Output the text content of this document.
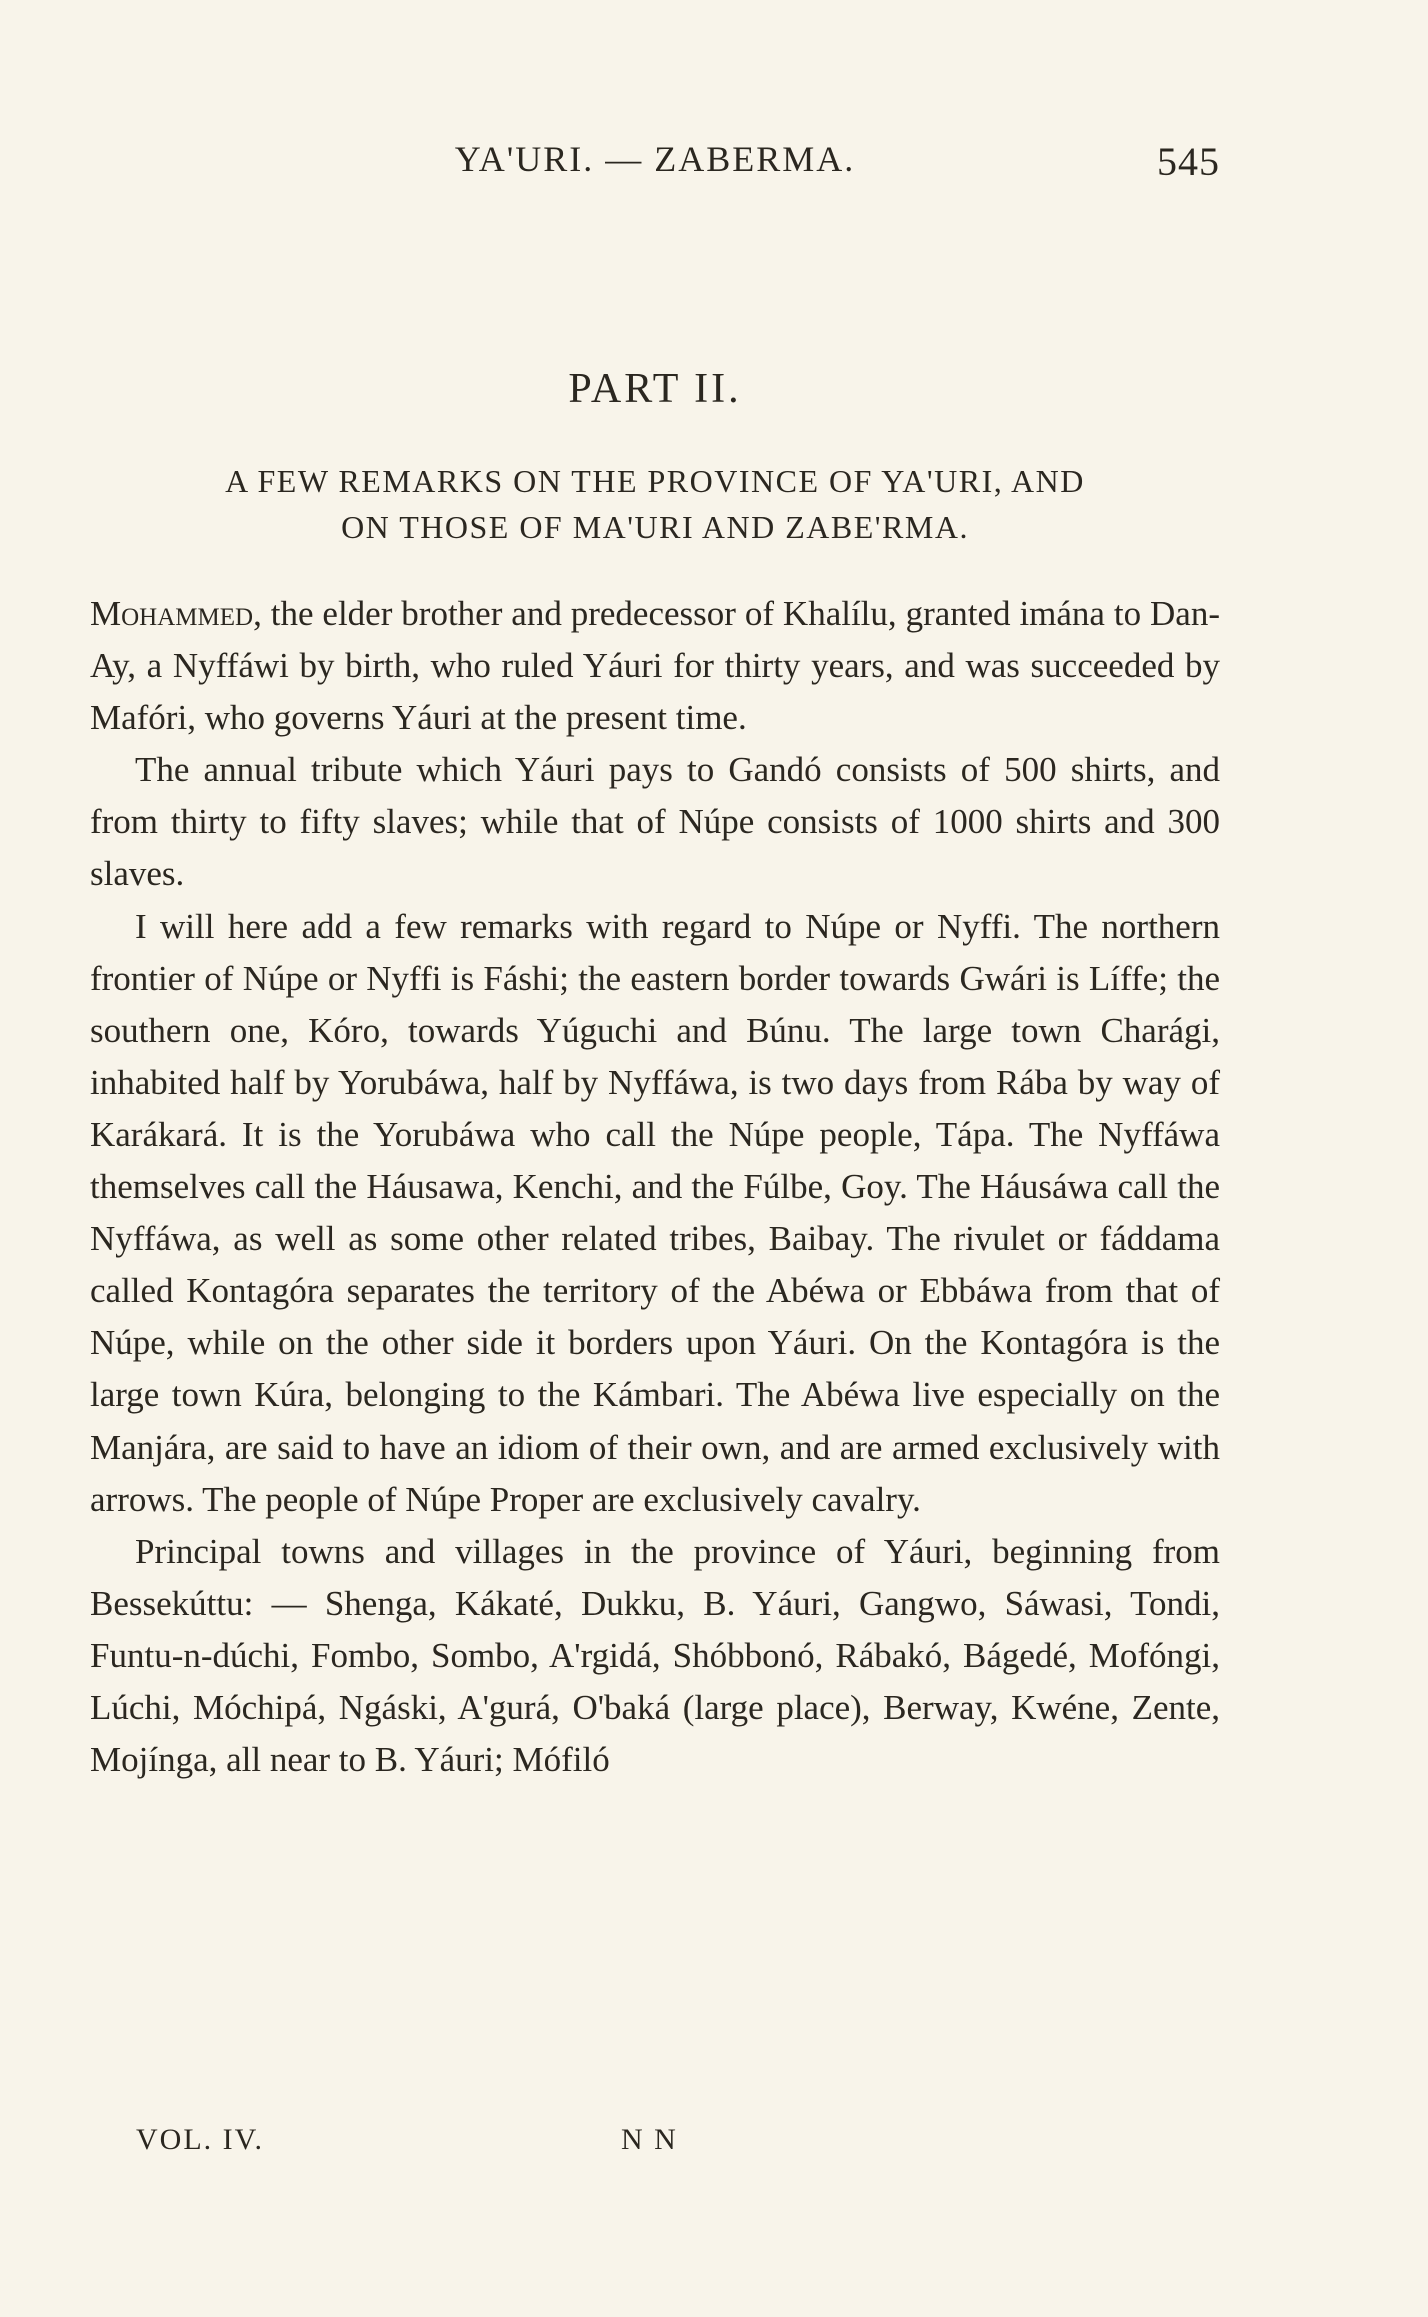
YA'URI. — ZABERMA.	545
PART II.
A FEW REMARKS ON THE PROVINCE OF YA'URI, AND
ON THOSE OF MA'URI AND ZABE'RMA.

Mohammed, the elder brother and predecessor of Khalílu, granted imána to Dan-Ay, a Nyffáwi by birth, who ruled Yáuri for thirty years, and was succeeded by Mafóri, who governs Yáuri at the present time.

The annual tribute which Yáuri pays to Gandó consists of 500 shirts, and from thirty to fifty slaves; while that of Núpe consists of 1000 shirts and 300 slaves.

I will here add a few remarks with regard to Núpe or Nyffi. The northern frontier of Núpe or Nyffi is Fáshi; the eastern border towards Gwári is Líffe; the southern one, Kóro, towards Yúguchi and Búnu. The large town Charági, inhabited half by Yorubáwa, half by Nyffáwa, is two days from Rába by way of Karákará. It is the Yorubáwa who call the Núpe people, Tápa. The Nyffáwa themselves call the Háusawa, Kenchi, and the Fúlbe, Goy. The Háusáwa call the Nyffáwa, as well as some other related tribes, Baibay. The rivulet or fáddama called Kontagóra separates the territory of the Abéwa or Ebbáwa from that of Núpe, while on the other side it borders upon Yáuri. On the Kontagóra is the large town Kúra, belonging to the Kámbari. The Abéwa live especially on the Manjára, are said to have an idiom of their own, and are armed exclusively with arrows. The people of Núpe Proper are exclusively cavalry.

Principal towns and villages in the province of Yáuri, beginning from Bessekúttu: — Shenga, Kákaté, Dukku, B. Yáuri, Gangwo, Sáwasi, Tondi, Funtu-n-dúchi, Fombo, Sombo, A'rgidá, Shóbbonó, Rábakó, Bágedé, Mofóngi, Lúchi, Móchipá, Ngáski, A'gurá, O'baká (large place), Berway, Kwéne, Zente, Mojínga, all near to B. Yáuri; Mófiló

VOL. IV.	N N
